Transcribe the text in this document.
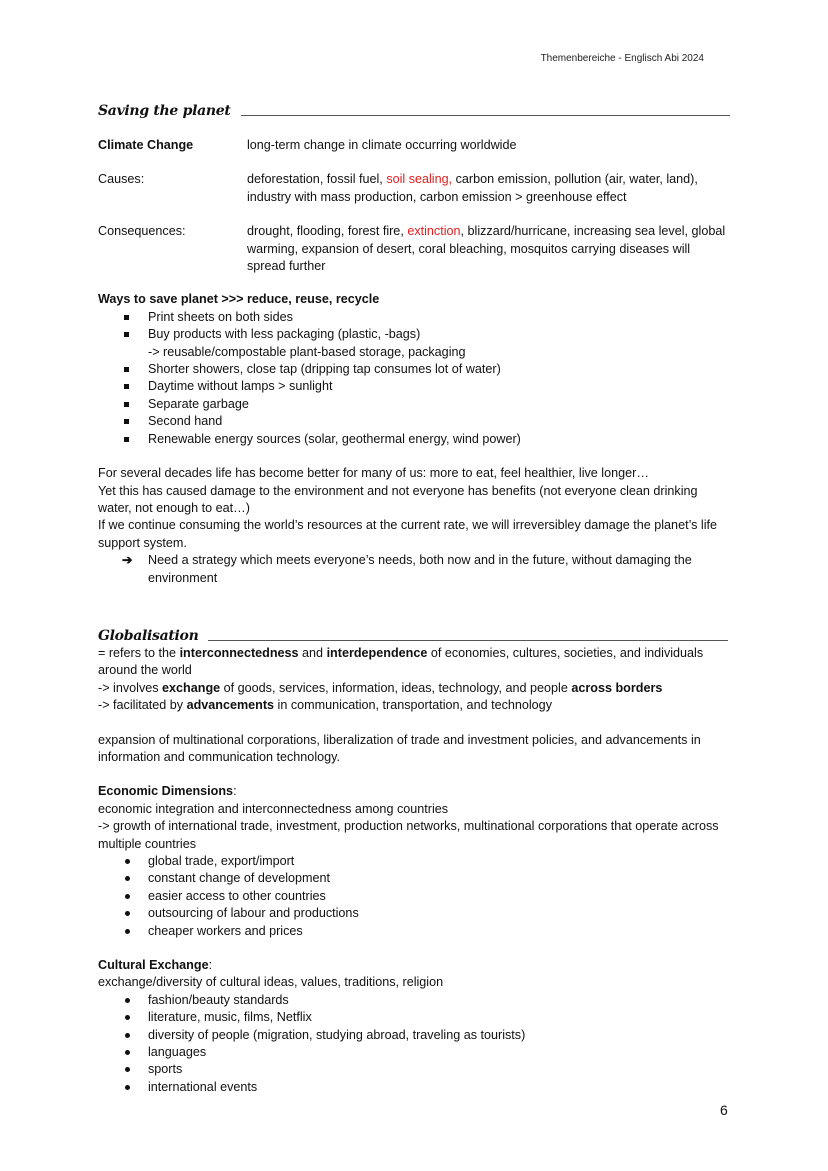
Themenbereiche - Englisch Abi 2024
Saving the planet
Climate Change	long-term change in climate occurring worldwide
Causes:	deforestation, fossil fuel, soil sealing, carbon emission, pollution (air, water, land), industry with mass production, carbon emission > greenhouse effect
Consequences:	drought, flooding, forest fire, extinction, blizzard/hurricane, increasing sea level, global warming, expansion of desert, coral bleaching, mosquitos carrying diseases will spread further
Ways to save planet >>> reduce, reuse, recycle
Print sheets on both sides
Buy products with less packaging (plastic, -bags)
-> reusable/compostable plant-based storage, packaging
Shorter showers, close tap (dripping tap consumes lot of water)
Daytime without lamps > sunlight
Separate garbage
Second hand
Renewable energy sources (solar, geothermal energy, wind power)
For several decades life has become better for many of us: more to eat, feel healthier, live longer…
Yet this has caused damage to the environment and not everyone has benefits (not everyone clean drinking water, not enough to eat…)
If we continue consuming the world’s resources at the current rate, we will irreversibley damage the planet’s life support system.
➔ Need a strategy which meets everyone’s needs, both now and in the future, without damaging the environment
Globalisation
= refers to the interconnectedness and interdependence of economies, cultures, societies, and individuals around the world
-> involves exchange of goods, services, information, ideas, technology, and people across borders
-> facilitated by advancements in communication, transportation, and technology
expansion of multinational corporations, liberalization of trade and investment policies, and advancements in information and communication technology.
Economic Dimensions:
economic integration and interconnectedness among countries
-> growth of international trade, investment, production networks, multinational corporations that operate across multiple countries
global trade, export/import
constant change of development
easier access to other countries
outsourcing of labour and productions
cheaper workers and prices
Cultural Exchange:
exchange/diversity of cultural ideas, values, traditions, religion
fashion/beauty standards
literature, music, films, Netflix
diversity of people (migration, studying abroad, traveling as tourists)
languages
sports
international events
6
